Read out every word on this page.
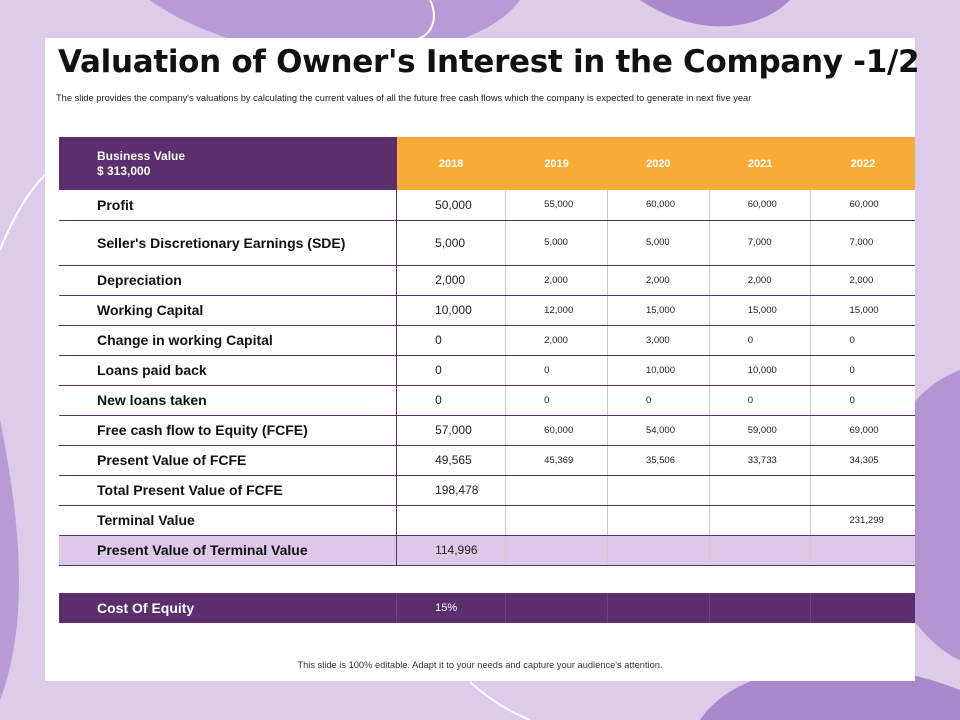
Valuation of Owner's Interest in the Company -1/2
The slide provides the company's valuations by calculating the current values of all the future free cash flows which the company is expected to generate in next five year
Business Value
$ 313,000	2018	2019	2020	2021	2022
Profit	50,000	55,000	60,000	60,000	60,000
Seller's Discretionary Earnings (SDE)	5,000	5,000	5,000	7,000	7,000
Depreciation	2,000	2,000	2,000	2,000	2,000
Working Capital	10,000	12,000	15,000	15,000	15,000
Change in working Capital	0	2,000	3,000	0	0
Loans paid back	0	0	10,000	10,000	0
New loans taken	0	0	0	0	0
Free cash flow to Equity (FCFE)	57,000	60,000	54,000	59,000	69,000
Present Value of FCFE	49,565	45,369	35,506	33,733	34,305
Total Present Value of FCFE	198,478				
Terminal Value					231,299
Present Value of Terminal Value	114,996				

Cost Of Equity	15%				
This slide is 100% editable. Adapt it to your needs and capture your audience's attention.
